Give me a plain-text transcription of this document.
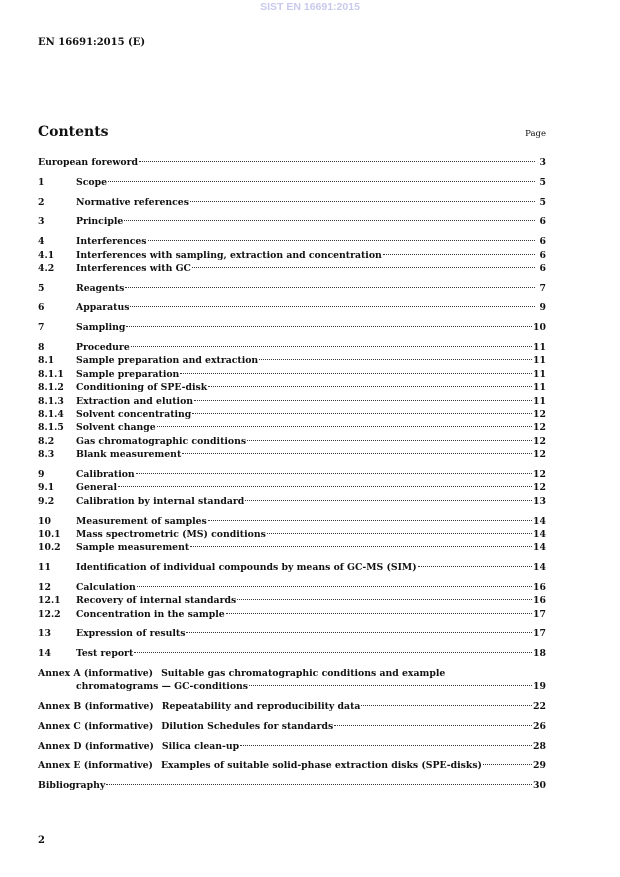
SIST EN 16691:2015
EN 16691:2015 (E)
Contents	Page
European foreword	3
1	Scope	5
2	Normative references	5
3	Principle	6
4	Interferences	6
4.1	Interferences with sampling, extraction and concentration	6
4.2	Interferences with GC	6
5	Reagents	7
6	Apparatus	9
7	Sampling	10
8	Procedure	11
8.1	Sample preparation and extraction	11
8.1.1	Sample preparation	11
8.1.2	Conditioning of SPE-disk	11
8.1.3	Extraction and elution	11
8.1.4	Solvent concentrating	12
8.1.5	Solvent change	12
8.2	Gas chromatographic conditions	12
8.3	Blank measurement	12
9	Calibration	12
9.1	General	12
9.2	Calibration by internal standard	13
10	Measurement of samples	14
10.1	Mass spectrometric (MS) conditions	14
10.2	Sample measurement	14
11	Identification of individual compounds by means of GC-MS (SIM)	14
12	Calculation	16
12.1	Recovery of internal standards	16
12.2	Concentration in the sample	17
13	Expression of results	17
14	Test report	18
Annex A (informative) Suitable gas chromatographic conditions and example
chromatograms — GC-conditions	19
Annex B (informative) Repeatability and reproducibility data	22
Annex C (informative) Dilution Schedules for standards	26
Annex D (informative) Silica clean-up	28
Annex E (informative) Examples of suitable solid-phase extraction disks (SPE-disks)	29
Bibliography	30
2
